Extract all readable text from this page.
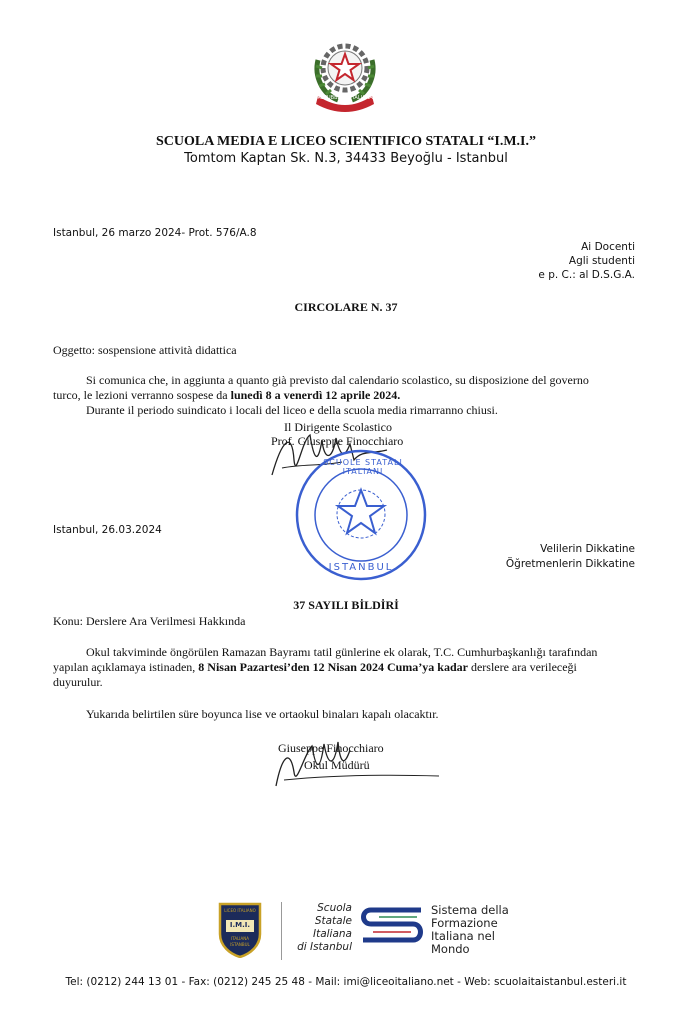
REPUBBLICA ITALIANA
SCUOLA MEDIA E LICEO SCIENTIFICO STATALI “I.M.I.”
Tomtom Kaptan Sk. N.3, 34433 Beyoğlu - Istanbul
Istanbul, 26 marzo 2024- Prot. 576/A.8
Ai Docenti
Agli studenti
e p. C.: al D.S.G.A.
CIRCOLARE N. 37
Oggetto: sospensione attività didattica
Si comunica che, in aggiunta a quanto già previsto dal calendario scolastico, su disposizione del governo
turco, le lezioni verranno sospese da lunedì 8 a venerdì 12 aprile 2024.
Durante il periodo suindicato i locali del liceo e della scuola media rimarranno chiusi.
Il Dirigente Scolastico
Prof. Giuseppe Finocchiaro
SCUOLE STATALI ITALIANI
ISTANBUL
Istanbul, 26.03.2024
Velilerin Dikkatine
Öğretmenlerin Dikkatine
37 SAYILI BİLDİRİ
Konu: Derslere Ara Verilmesi Hakkında
Okul takviminde öngörülen Ramazan Bayramı tatil günlerine ek olarak, T.C. Cumhurbaşkanlığı tarafından
yapılan açıklamaya istinaden, 8 Nisan Pazartesi’den 12 Nisan 2024 Cuma’ya kadar derslere ara verileceği
duyurulur.
Yukarıda belirtilen süre boyunca lise ve ortaokul binaları kapalı olacaktır.
Giuseppe Finocchiaro
Okul Müdürü
LICEO ITALIANO
I.M.I.
ITALIANA
ISTANBUL
Scuola
Statale
Italiana
di Istanbul
Sistema della
Formazione
Italiana nel
Mondo
Tel: (0212) 244 13 01 - Fax: (0212) 245 25 48 - Mail: imi@liceoitaliano.net - Web: scuolaitaistanbul.esteri.it
